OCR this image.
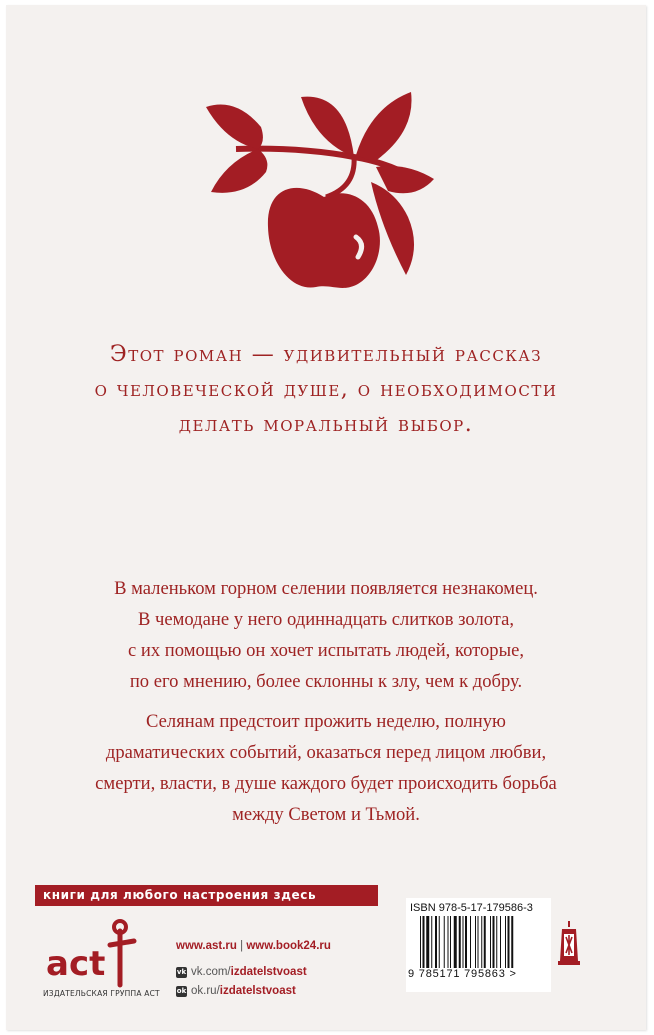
Этот роман — удивительный рассказ
о человеческой душе, о необходимости
делать моральный выбор.
В маленьком горном селении появляется незнакомец.
В чемодане у него одиннадцать слитков золота,
с их помощью он хочет испытать людей, которые,
по его мнению, более склонны к злу, чем к добру.
Селянам предстоит прожить неделю, полную
драматических событий, оказаться перед лицом любви,
смерти, власти, в душе каждого будет происходить борьба
между Светом и Тьмой.
книги для любого настроения здесь
act
ИЗДАТЕЛЬСКАЯ ГРУППА АСТ
www.ast.ru | www.book24.ru
vk vk.com/izdatelstvoast
ok ok.ru/izdatelstvoast
ISBN 978-5-17-179586-3
9 785171 795863 >
